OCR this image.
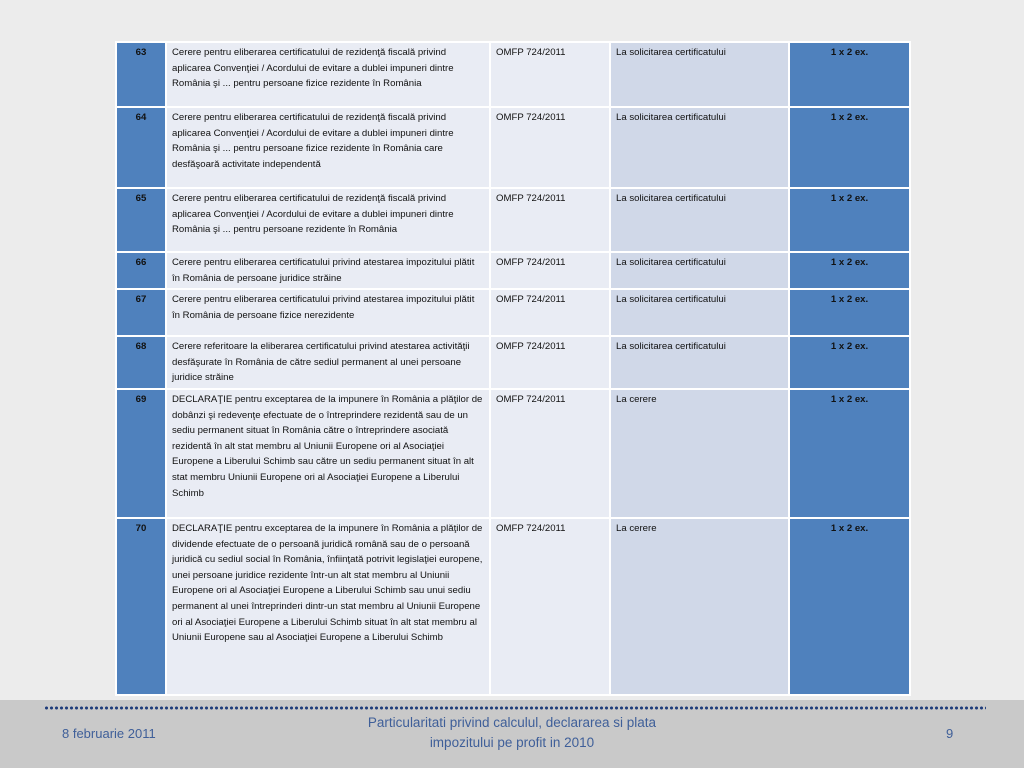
63	Cerere pentru eliberarea certificatului de rezidenţă fiscală privind aplicarea Convenţiei / Acordului de evitare a dublei impuneri dintre România şi ... pentru persoane fizice rezidente în România	OMFP 724/2011	La solicitarea certificatului	1 x 2 ex.
64	Cerere pentru eliberarea certificatului de rezidenţă fiscală privind aplicarea Convenţiei / Acordului de evitare a dublei impuneri dintre România şi ... pentru persoane fizice rezidente în România care desfăşoară activitate independentă	OMFP 724/2011	La solicitarea certificatului	1 x 2 ex.
65	Cerere pentru eliberarea certificatului de rezidenţă fiscală privind aplicarea Convenţiei / Acordului de evitare a dublei impuneri dintre România şi ... pentru persoane rezidente în România	OMFP 724/2011	La solicitarea certificatului	1 x 2 ex.
66	Cerere pentru eliberarea certificatului privind atestarea impozitului plătit în România de persoane juridice străine	OMFP 724/2011	La solicitarea certificatului	1 x 2 ex.
67	Cerere pentru eliberarea certificatului privind atestarea impozitului plătit în România de persoane fizice nerezidente	OMFP 724/2011	La solicitarea certificatului	1 x 2 ex.
68	Cerere referitoare la eliberarea certificatului privind atestarea activităţii desfăşurate în România de către sediul permanent al unei persoane juridice străine	OMFP 724/2011	La solicitarea certificatului	1 x 2 ex.
69	DECLARAŢIE pentru exceptarea de la impunere în România a plăţilor de dobânzi şi redevenţe efectuate de o întreprindere rezidentă sau de un sediu permanent situat în România către o întreprindere asociată rezidentă în alt stat membru al Uniunii Europene ori al Asociaţiei Europene a Liberului Schimb sau către un sediu permanent situat în alt stat membru Uniunii Europene ori al Asociaţiei Europene a Liberului Schimb	OMFP 724/2011	La cerere	1 x 2 ex.
70	DECLARAŢIE pentru exceptarea de la impunere în România a plăţilor de dividende efectuate de o persoană juridică română sau de o persoană juridică cu sediul social în România, înfiinţată potrivit legislaţiei europene, unei persoane juridice rezidente într-un alt stat membru al Uniunii Europene ori al Asociaţiei Europene a Liberului Schimb sau unui sediu permanent al unei întreprinderi dintr-un stat membru al Uniunii Europene ori al Asociaţiei Europene a Liberului Schimb situat în alt stat membru al Uniunii Europene sau al Asociaţiei Europene a Liberului Schimb	OMFP 724/2011	La cerere	1 x 2 ex.
8 februarie 2011
Particularitati privind calculul, declararea si plata impozitului pe profit in 2010
9
